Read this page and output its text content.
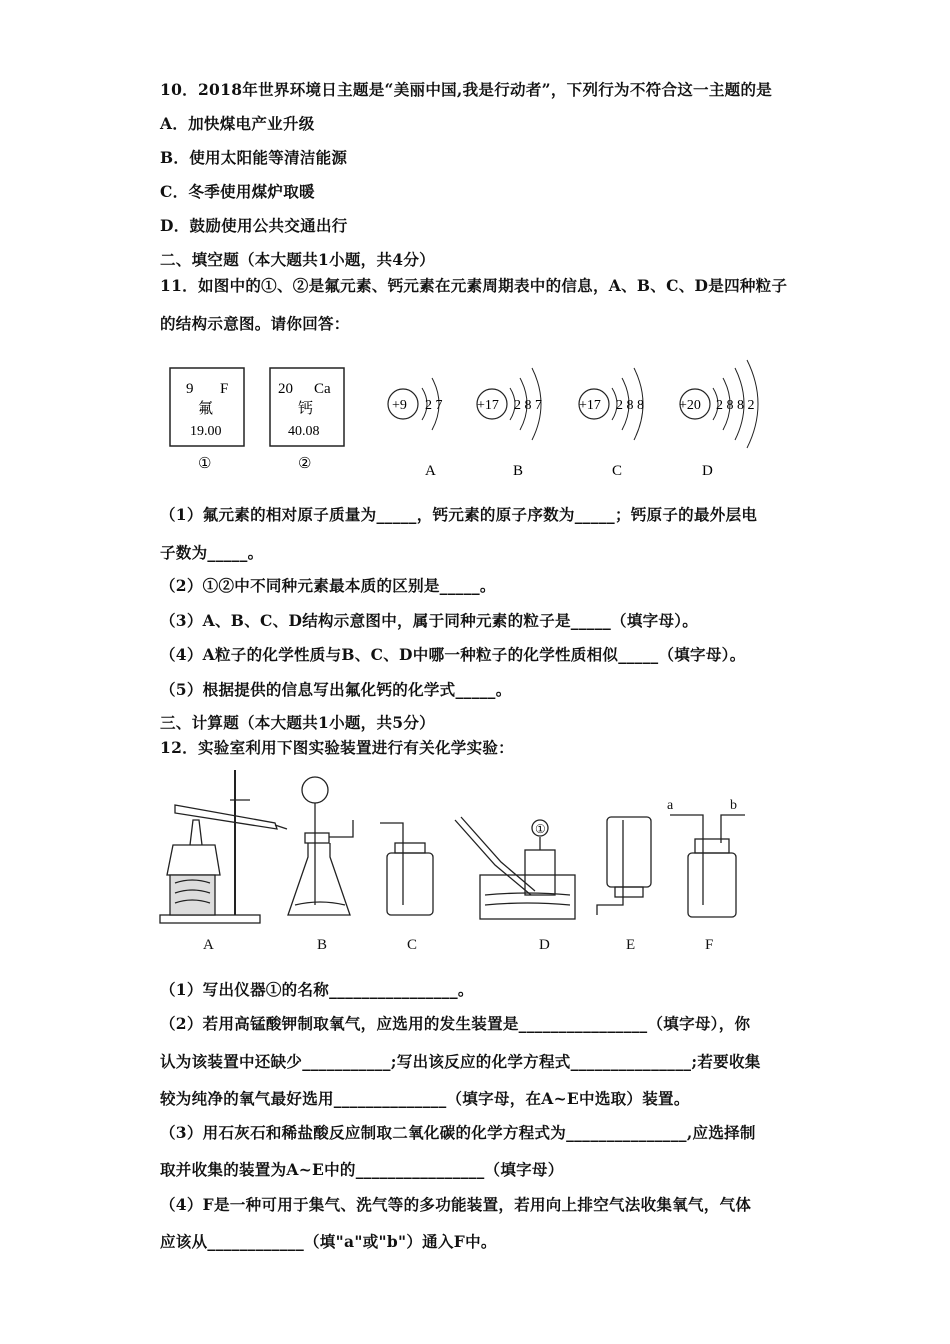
10．2018年世界环境日主题是“美丽中国,我是行动者”，下列行为不符合这一主题的是
A．加快煤电产业升级
B．使用太阳能等清洁能源
C．冬季使用煤炉取暖
D．鼓励使用公共交通出行
二、填空题（本大题共1小题，共4分）
11．如图中的①、②是氟元素、钙元素在元素周期表中的信息，A、B、C、D是四种粒子
的结构示意图。请你回答：
9 F
氟
19.00
①
20 Ca
钙
40.08
②
+9 2 7
A
+17 2 8 7
B
+17 2 8 8
C
+20 2 8 8 2
D
（1）氟元素的相对原子质量为_____，钙元素的原子序数为_____；钙原子的最外层电
子数为_____。
（2）①②中不同种元素最本质的区别是_____。
（3）A、B、C、D结构示意图中，属于同种元素的粒子是_____（填字母）。
（4）A粒子的化学性质与B、C、D中哪一种粒子的化学性质相似_____（填字母）。
（5）根据提供的信息写出氟化钙的化学式_____。
三、计算题（本大题共1小题，共5分）
12．实验室利用下图实验装置进行有关化学实验：
A	B	C
①
D	E
a	b
F
（1）写出仪器①的名称________________。
（2）若用高锰酸钾制取氧气，应选用的发生装置是________________（填字母），你
认为该装置中还缺少___________;写出该反应的化学方程式_______________;若要收集
较为纯净的氧气最好选用______________（填字母，在A~E中选取）装置。
（3）用石灰石和稀盐酸反应制取二氧化碳的化学方程式为_______________,应选择制
取并收集的装置为A~E中的________________（填字母）
（4）F是一种可用于集气、洗气等的多功能装置，若用向上排空气法收集氧气，气体
应该从____________（填"a"或"b"）通入F中。
